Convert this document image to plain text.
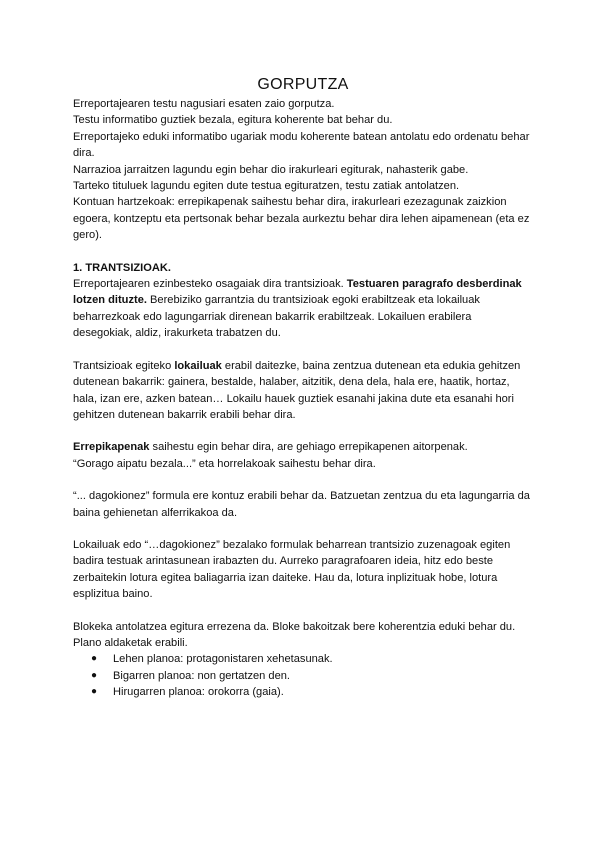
GORPUTZA

Erreportajearen testu nagusiari esaten zaio gorputza.

Testu informatibo guztiek bezala, egitura koherente bat behar du.

Erreportajeko eduki informatibo ugariak modu koherente batean antolatu edo ordenatu behar dira.

Narrazioa jarraitzen lagundu egin behar dio irakurleari egiturak, nahasterik gabe.

Tarteko tituluek lagundu egiten dute testua egituratzen, testu zatiak antolatzen.

Kontuan hartzekoak: errepikapenak saihestu behar dira, irakurleari ezezagunak zaizkion egoera, kontzeptu eta pertsonak behar bezala aurkeztu behar dira lehen aipamenean (eta ez gero).

1. TRANTSIZIOAK.

Erreportajearen ezinbesteko osagaiak dira trantsizioak. Testuaren paragrafo desberdinak lotzen dituzte. Berebiziko garrantzia du trantsizioak egoki erabiltzeak eta lokailuak beharrezkoak edo lagungarriak direnean bakarrik erabiltzeak. Lokailuen erabilera desegokiak, aldiz, irakurketa trabatzen du.

Trantsizioak egiteko lokailuak erabil daitezke, baina zentzua dutenean eta edukia gehitzen dutenean bakarrik: gainera, bestalde, halaber, aitzitik, dena dela, hala ere, haatik, hortaz, hala, izan ere, azken batean… Lokailu hauek guztiek esanahi jakina dute eta esanahi hori gehitzen dutenean bakarrik erabili behar dira.

Errepikapenak saihestu egin behar dira, are gehiago errepikapenen aitorpenak.

“Gorago aipatu bezala...” eta horrelakoak saihestu behar dira.

“... dagokionez” formula ere kontuz erabili behar da. Batzuetan zentzua du eta lagungarria da baina gehienetan alferrikakoa da.

Lokailuak edo “…dagokionez” bezalako formulak beharrean trantsizio zuzenagoak egiten badira testuak arintasunean irabazten du. Aurreko paragrafoaren ideia, hitz edo beste zerbaitekin lotura egitea baliagarria izan daiteke. Hau da, lotura inplizituak hobe, lotura esplizitua baino.

Blokeka antolatzea egitura errezena da. Bloke bakoitzak bere koherentzia eduki behar du.

Plano aldaketak erabili.

● Lehen planoa: protagonistaren xehetasunak.
● Bigarren planoa: non gertatzen den.
● Hirugarren planoa: orokorra (gaia).
